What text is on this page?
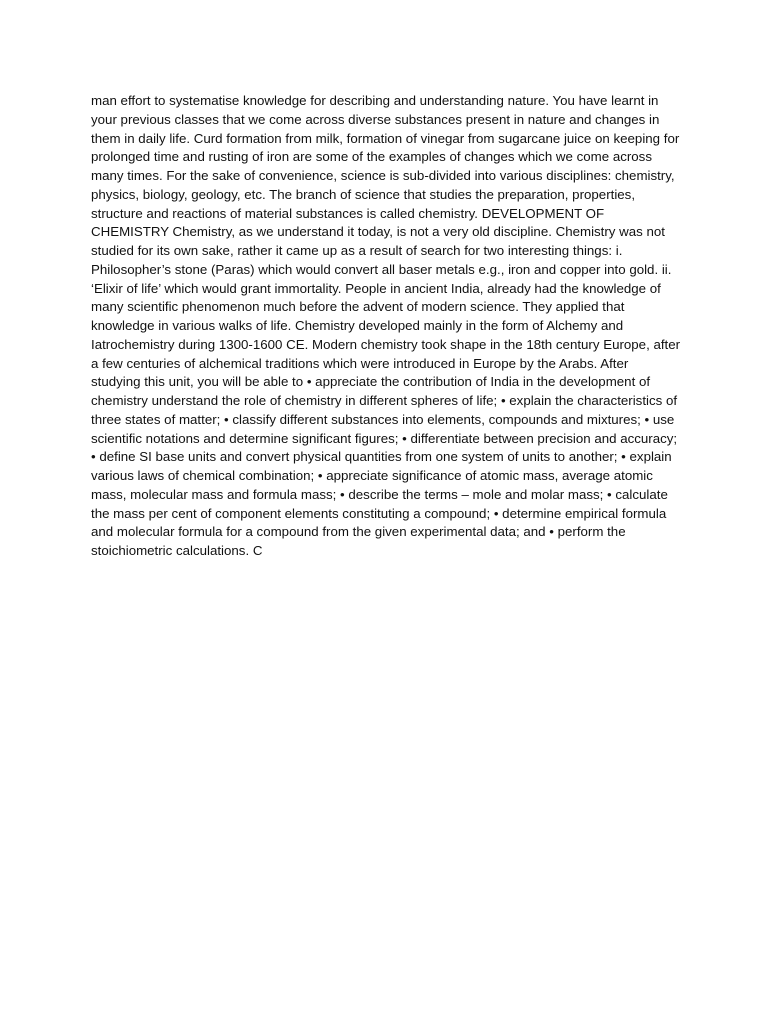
man effort to systematise knowledge for describing and understanding nature. You have learnt in your previous classes that we come across diverse substances present in nature and changes in them in daily life. Curd formation from milk, formation of vinegar from sugarcane juice on keeping for prolonged time and rusting of iron are some of the examples of changes which we come across many times. For the sake of convenience, science is sub-divided into various disciplines: chemistry, physics, biology, geology, etc. The branch of science that studies the preparation, properties, structure and reactions of material substances is called chemistry. DEVELOPMENT OF CHEMISTRY Chemistry, as we understand it today, is not a very old discipline. Chemistry was not studied for its own sake, rather it came up as a result of search for two interesting things: i. Philosopher’s stone (Paras) which would convert all baser metals e.g., iron and copper into gold. ii. ‘Elixir of life’ which would grant immortality. People in ancient India, already had the knowledge of many scientific phenomenon much before the advent of modern science. They applied that knowledge in various walks of life. Chemistry developed mainly in the form of Alchemy and Iatrochemistry during 1300-1600 CE. Modern chemistry took shape in the 18th century Europe, after a few centuries of alchemical traditions which were introduced in Europe by the Arabs. After studying this unit, you will be able to • appreciate the contribution of India in the development of chemistry understand the role of chemistry in different spheres of life; • explain the characteristics of three states of matter; • classify different substances into elements, compounds and mixtures; • use scientific notations and determine significant figures; • differentiate between precision and accuracy; • define SI base units and convert physical quantities from one system of units to another; • explain various laws of chemical combination; • appreciate significance of atomic mass, average atomic mass, molecular mass and formula mass; • describe the terms – mole and molar mass; • calculate the mass per cent of component elements constituting a compound; • determine empirical formula and molecular formula for a compound from the given experimental data; and • perform the stoichiometric calculations. C
